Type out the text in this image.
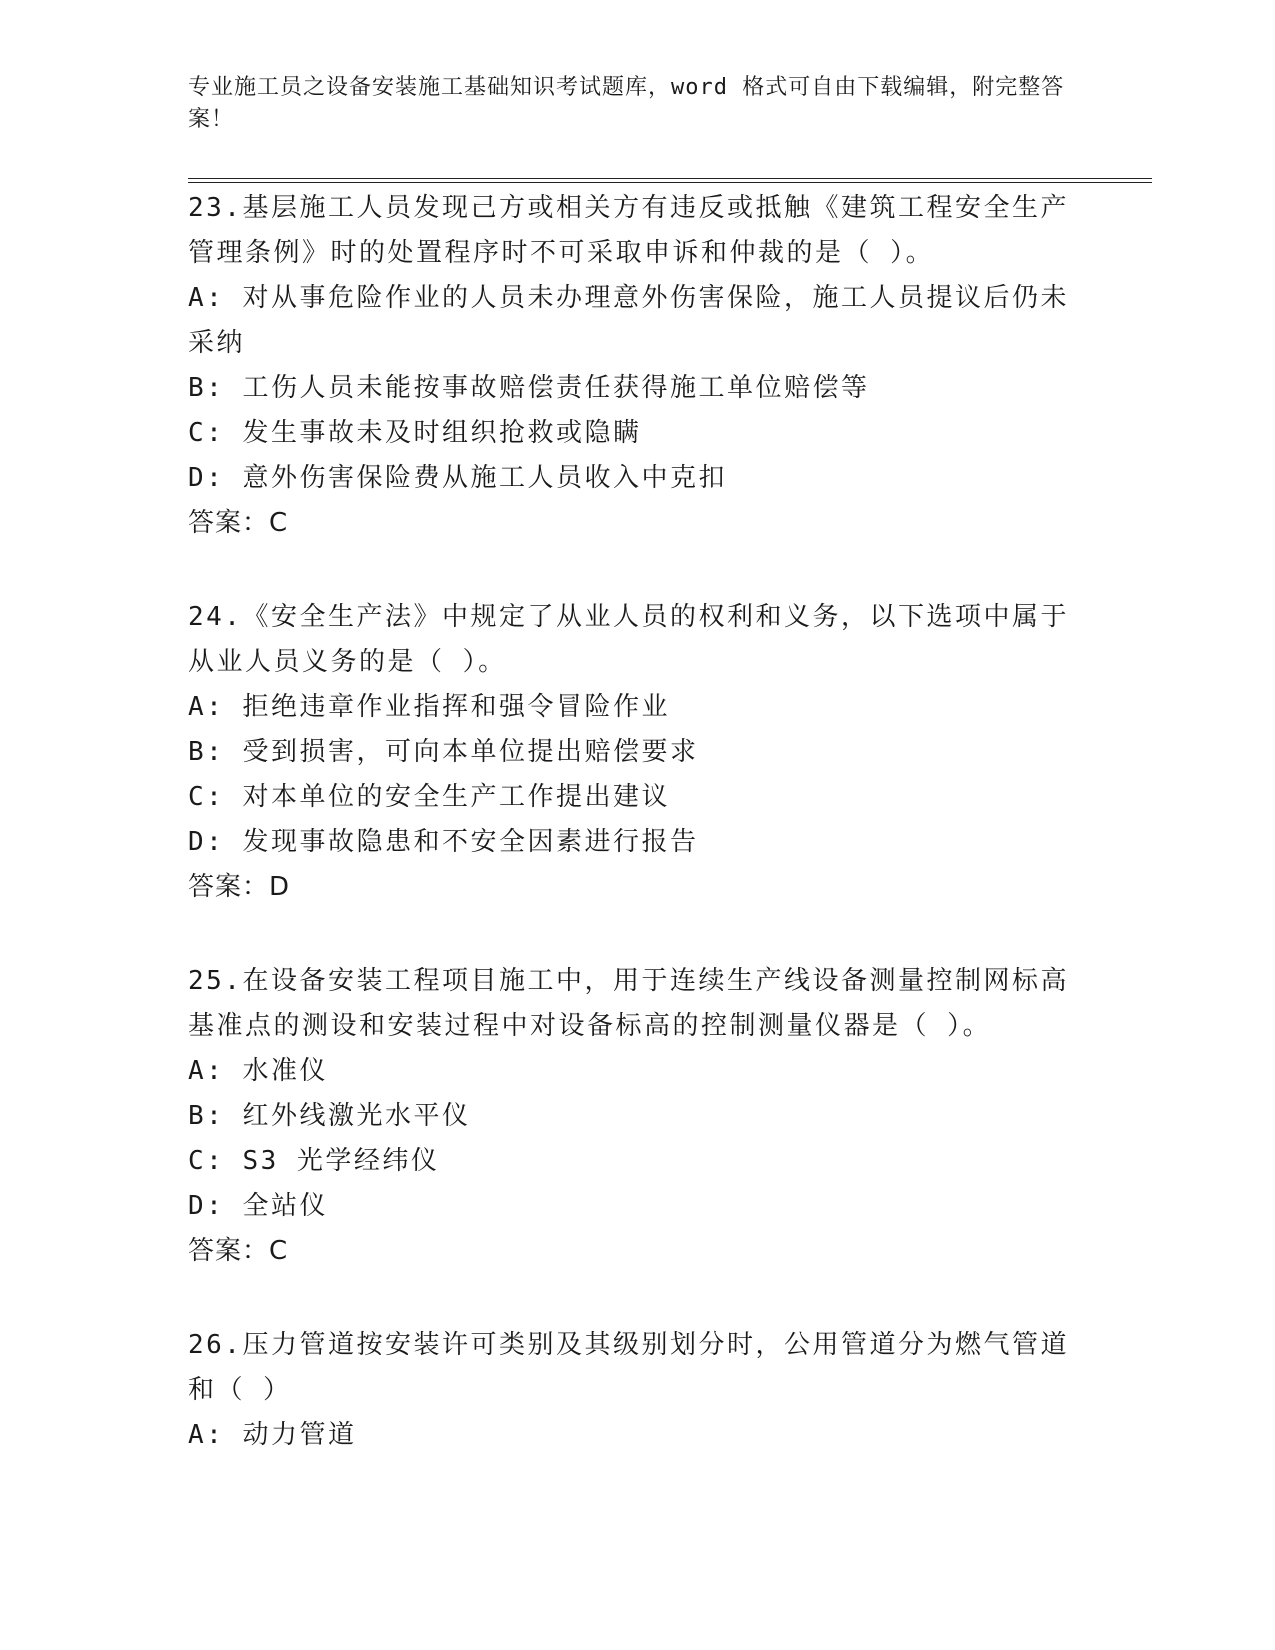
专业施工员之设备安装施工基础知识考试题库，word 格式可自由下载编辑，附完整答案！
23.基层施工人员发现己方或相关方有违反或抵触《建筑工程安全生产管理条例》时的处置程序时不可采取申诉和仲裁的是（ ）。
A: 对从事危险作业的人员未办理意外伤害保险，施工人员提议后仍未采纳
B: 工伤人员未能按事故赔偿责任获得施工单位赔偿等
C: 发生事故未及时组织抢救或隐瞒
D: 意外伤害保险费从施工人员收入中克扣
答案：C
24.《安全生产法》中规定了从业人员的权利和义务，以下选项中属于从业人员义务的是（ ）。
A: 拒绝违章作业指挥和强令冒险作业
B: 受到损害，可向本单位提出赔偿要求
C: 对本单位的安全生产工作提出建议
D: 发现事故隐患和不安全因素进行报告
答案：D
25.在设备安装工程项目施工中，用于连续生产线设备测量控制网标高基准点的测设和安装过程中对设备标高的控制测量仪器是（ ）。
A: 水准仪
B: 红外线激光水平仪
C: S3 光学经纬仪
D: 全站仪
答案：C
26.压力管道按安装许可类别及其级别划分时，公用管道分为燃气管道和（ ）
A: 动力管道
